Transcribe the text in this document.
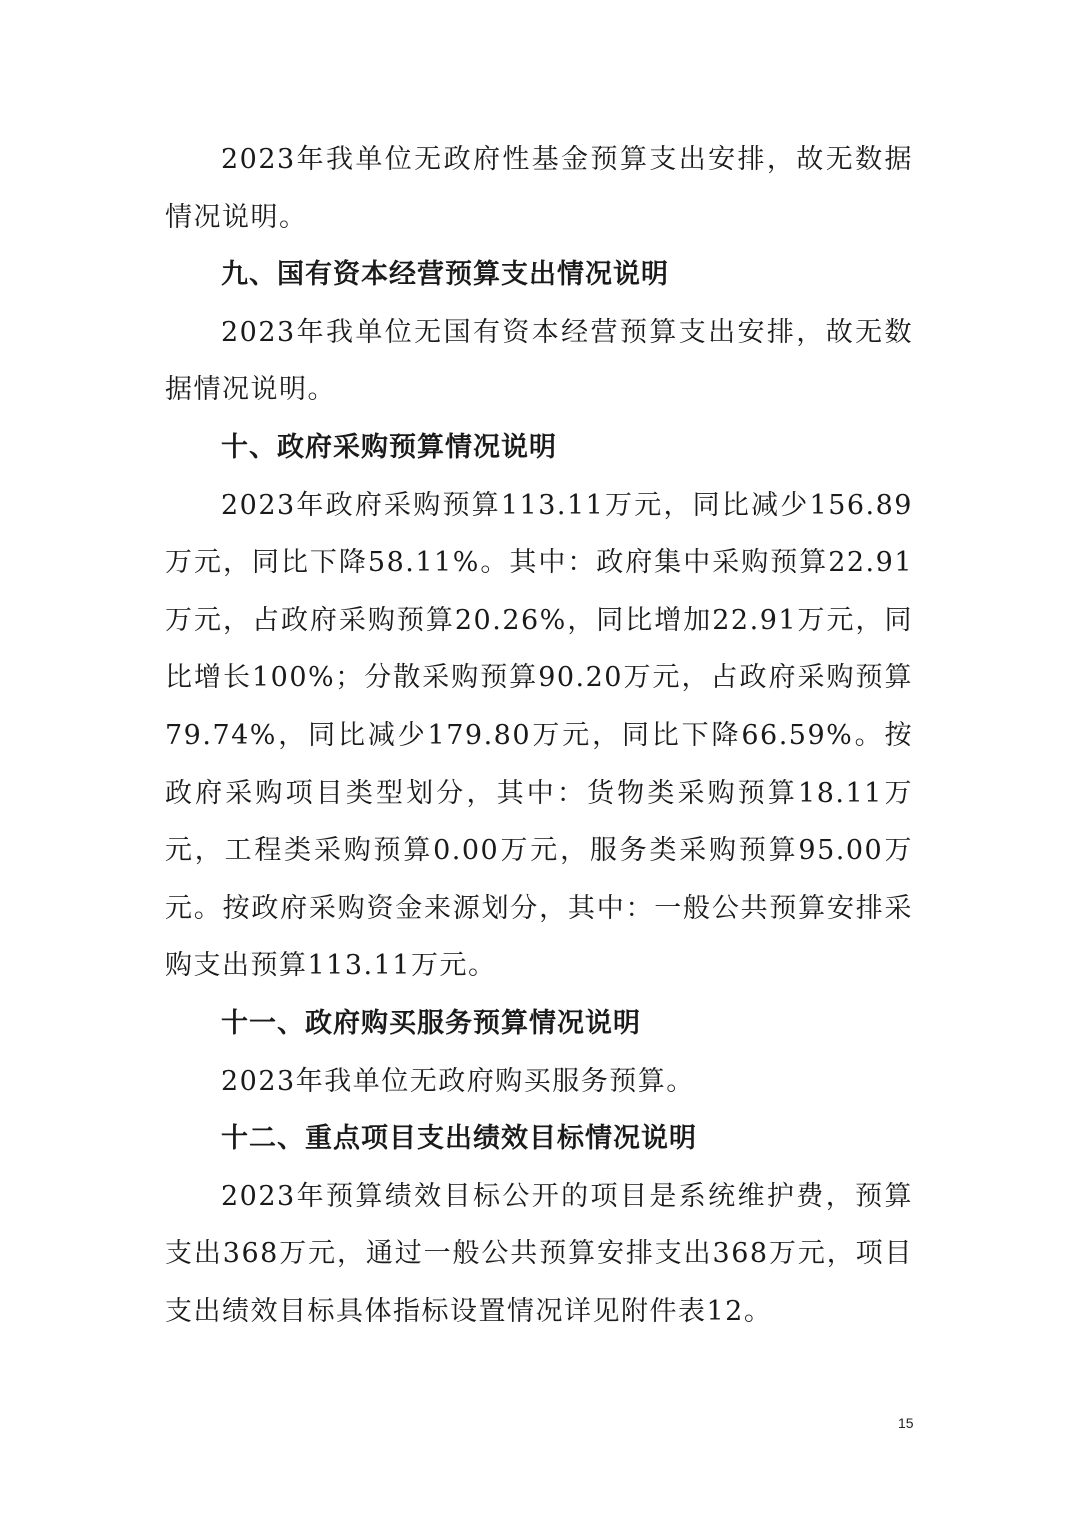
2023年我单位无政府性基金预算支出安排，故无数据情况说明。

九、国有资本经营预算支出情况说明

2023年我单位无国有资本经营预算支出安排，故无数据情况说明。

十、政府采购预算情况说明

2023年政府采购预算113.11万元，同比减少156.89万元，同比下降58.11%。其中：政府集中采购预算22.91万元，占政府采购预算20.26%，同比增加22.91万元，同比增长100%；分散采购预算90.20万元，占政府采购预算79.74%，同比减少179.80万元，同比下降66.59%。按政府采购项目类型划分，其中：货物类采购预算18.11万元，工程类采购预算0.00万元，服务类采购预算95.00万元。按政府采购资金来源划分，其中：一般公共预算安排采购支出预算113.11万元。

十一、政府购买服务预算情况说明

2023年我单位无政府购买服务预算。

十二、重点项目支出绩效目标情况说明

2023年预算绩效目标公开的项目是系统维护费，预算支出368万元，通过一般公共预算安排支出368万元，项目支出绩效目标具体指标设置情况详见附件表12。

15
